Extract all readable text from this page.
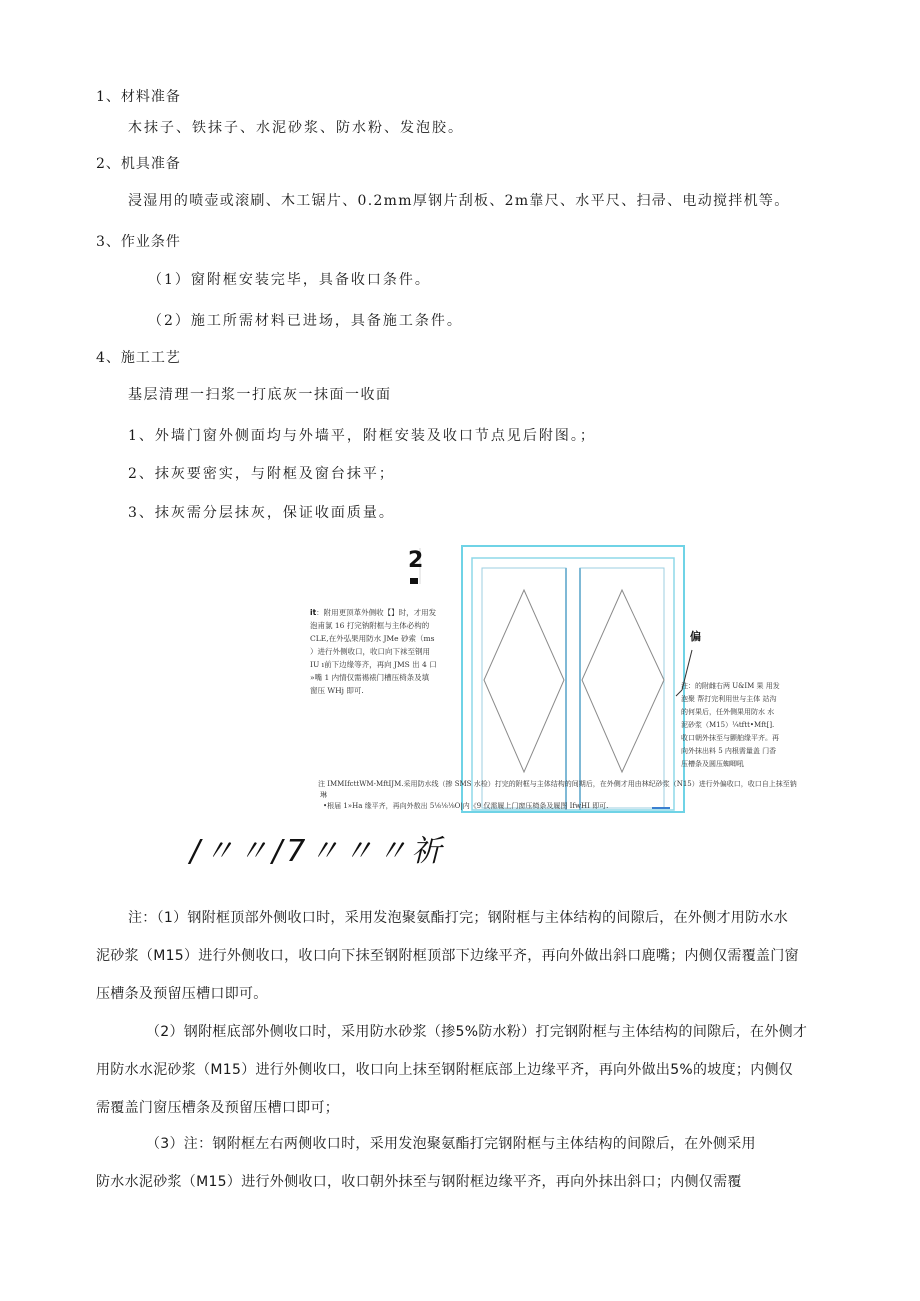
1、材料准备
木抹子、铁抹子、水泥砂浆、防水粉、发泡胶。
2、机具准备
浸湿用的喷壶或滚刷、木工锯片、0.2mm厚钢片刮板、2m靠尺、水平尺、扫帚、电动搅拌机等。
3、作业条件
（1）窗附框安装完毕，具备收口条件。
（2）施工所需材料已进场，具备施工条件。
4、施工工艺
基层清理一扫浆一打底灰一抹面一收面
1、外墙门窗外侧面均与外墙平，附框安装及收口节点见后附图。；
2、抹灰要密实，与附框及窗台抹平；
3、抹灰需分层抹灰，保证收面质量。
2
偏
it：附用更顶革外侧收【】时，才用发
泡甫氯 16 打完钠附框与主体必构的
CLE,在外弘果用防水 JMe 砂索（ms
）进行外侧收口，收口向下袜至钢用
IU ı前下边缘等齐，再向 JMS 出 4 口
»嘴 1 内情仅需裼裱门槽压椅条及填
窗压 WHj 即可.	注：的附雌右两 U&IM 果 用发
泡聚 帮打完利用世与主体 站沟
的何果后，任外侧果用防水 水
泥砂浆（M15）¼tftt•Mft[].
收口朝外抹至与颤舶缘平齐。再
向外抹出料 5 内根需量盖 门香
压槽条及圆压蜘唧吼
注 IMMIfcttWM-MftIJM.采用防水线（掺 SMS 水检）打完的附框与主体结构的间期后，在外侧才用由林纪砂浆（N15）进行外偏收口，收口自上抹至钠
琳
•根届 1»Ha 缘平齐，再向外敖出 5⅛⅛⅛O|内《9 仅需履上门窗压椅条及履图 IfwHI 即可.
/〃〃/7〃〃〃祈
注：（1）钢附框顶部外侧收口时，采用发泡聚氨酯打完；钢附框与主体结构的间隙后，在外侧才用防水水
泥砂浆（M15）进行外侧收口，收口向下抹至钢附框顶部下边缘平齐，再向外做出斜口鹿嘴；内侧仅需覆盖门窗
压槽条及预留压槽口即可。
（2）钢附框底部外侧收口时，采用防水砂浆（掺5%防水粉）打完钢附框与主体结构的间隙后，在外侧才
用防水水泥砂浆（M15）进行外侧收口，收口向上抹至钢附框底部上边缘平齐，再向外做出5%的坡度；内侧仅
需覆盖门窗压槽条及预留压槽口即可；
（3）注：钢附框左右两侧收口时，采用发泡聚氨酯打完钢附框与主体结构的间隙后，在外侧采用
防水水泥砂浆（M15）进行外侧收口，收口朝外抹至与钢附框边缘平齐，再向外抹出斜口；内侧仅需覆
